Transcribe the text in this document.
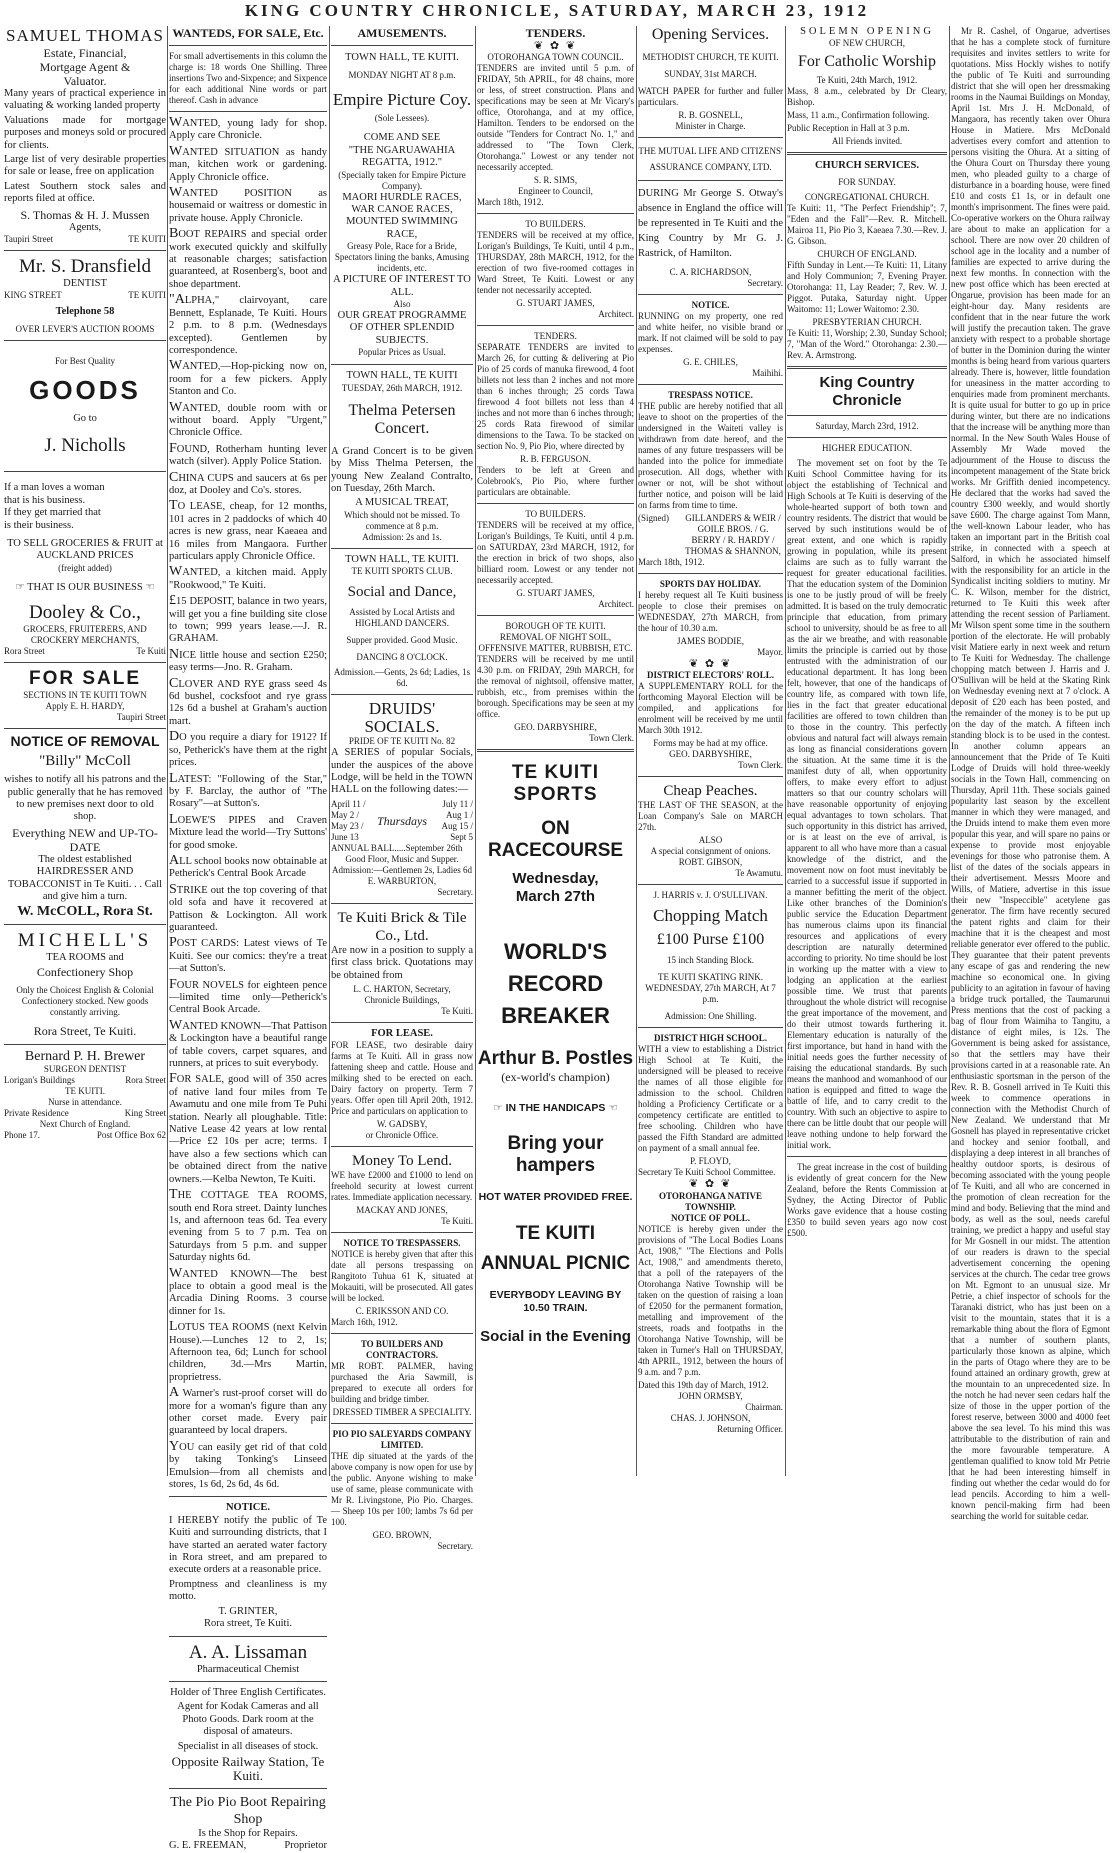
KING COUNTRY CHRONICLE, SATURDAY, MARCH 23, 1912
SAMUEL THOMAS
Estate, Financial,
Mortgage Agent &
Valuator.

Many years of practical experience in valuating & working landed property

Valuations made for mortgage purposes and moneys sold or procured for clients.

Large list of very desirable properties for sale or lease, free on application

Latest Southern stock sales and reports filed at office.

S. Thomas & H. J. Mussen
Agents,
Taupiri Street	TE KUITI
Mr. S. Dransfield
DENTIST
KING STREET	TE KUITI
Telephone 58
OVER LEVER'S AUCTION ROOMS
For Best Quality
GOODS
Go to
J. Nicholls
If a man loves a woman
that is his business.
If they get married that
is their business.
TO SELL GROCERIES & FRUIT at AUCKLAND PRICES
(freight added)
☞ THAT IS OUR BUSINESS ☜
Dooley & Co.,
GROCERS, FRUITERERS, AND CROCKERY MERCHANTS,
Rora Street	Te Kuiti
FOR SALE
SECTIONS IN TE KUITI TOWN
Apply E. H. HARDY,
Taupiri Street
NOTICE OF REMOVAL
"Billy" McColl

wishes to notify all his patrons and the public generally that he has removed to new premises next door to old shop.

Everything NEW and UP-TO-DATE

The oldest established HAIRDRESSER AND TOBACCONIST in Te Kuiti. . . Call and give him a turn.

W. McCOLL, Rora St.
MICHELL'S
TEA ROOMS and
Confectionery Shop

Only the Choicest English & Colonial Confectionery stocked. New goods constantly arriving.

Rora Street, Te Kuiti.
Bernard P. H. Brewer
SURGEON DENTIST
Lorigan's Buildings	Rora Street
TE KUITI.
Nurse in attendance.
Private Residence	King Street
Next Church of England.
Phone 17.	Post Office Box 62
WANTEDS, FOR SALE, Etc.

For small advertisements in this column the charge is: 18 words One Shilling. Three insertions Two and-Sixpence; and Sixpence for each additional Nine words or part thereof. Cash in advance

WANTED, young lady for shop. Apply care Chronicle.

WANTED SITUATION as handy man, kitchen work or gardening. Apply Chronicle office.

WANTED POSITION as housemaid or waitress or domestic in private house. Apply Chronicle.

BOOT REPAIRS and special order work executed quickly and skilfully at reasonable charges; satisfaction guaranteed, at Rosenberg's, boot and shoe department.

"ALPHA," clairvoyant, care Bennett, Esplanade, Te Kuiti. Hours 2 p.m. to 8 p.m. (Wednesdays excepted). Gentlemen by correspondence.

WANTED,—Hop-picking now on, room for a few pickers. Apply Stanton and Co.

WANTED, double room with or without board. Apply "Urgent," Chronicle Office.

FOUND, Rotherham hunting lever watch (silver). Apply Police Station.

CHINA CUPS and saucers at 6s per doz, at Dooley and Co's. stores.

TO LEASE, cheap, for 12 months, 101 acres in 2 paddocks of which 40 acres is new grass, near Kaeaea and 16 miles from Mangaora. Further particulars apply Chronicle Office.

WANTED, a kitchen maid. Apply "Rookwood," Te Kuiti.

£15 DEPOSIT, balance in two years, will get you a fine building site close to town; 999 years lease.—J. R. GRAHAM.

NICE little house and section £250; easy terms—Jno. R. Graham.

CLOVER AND RYE grass seed 4s 6d bushel, cocksfoot and rye grass 12s 6d a bushel at Graham's auction mart.

DO you require a diary for 1912? If so, Petherick's have them at the right prices.

LATEST: "Following of the Star," by F. Barclay, the author of "The Rosary"—at Sutton's.

LOEWE'S PIPES and Craven Mixture lead the world—Try Suttons' for good smoke.

ALL school books now obtainable at Petherick's Central Book Arcade

STRIKE out the top covering of that old sofa and have it recovered at Pattison & Lockington. All work guaranteed.

POST CARDS: Latest views of Te Kuiti. See our comics: they're a treat—at Sutton's.

FOUR NOVELS for eighteen pence —limited time only—Petherick's Central Book Arcade.

WANTED KNOWN—That Pattison & Lockington have a beautiful range of table covers, carpet squares, and runners, at prices to suit everybody.

FOR SALE, good will of 350 acres of native land four miles from Te Awamutu and one mile from Te Puhi station. Nearly all ploughable. Title: Native Lease 42 years at low rental—Price £2 10s per acre; terms. I have also a few sections which can be obtained direct from the native owners.—Kelba Newton, Te Kuiti.

THE COTTAGE TEA ROOMS, south end Rora street. Dainty lunches 1s, and afternoon teas 6d. Tea every evening from 5 to 7 p.m. Tea on Saturdays from 5 p.m. and supper Saturday nights 6d.

WANTED KNOWN—The best place to obtain a good meal is the Arcadia Dining Rooms. 3 course dinner for 1s.

LOTUS TEA ROOMS (next Kelvin House).—Lunches 12 to 2, 1s; Afternoon tea, 6d; Lunch for school children, 3d.—Mrs Martin, proprietress.

A Warner's rust-proof corset will do more for a woman's figure than any other corset made. Every pair guaranteed by local drapers.

YOU can easily get rid of that cold by taking Tonking's Linseed Emulsion—from all chemists and stores, 1s 6d, 2s 6d, 4s 6d.

NOTICE.

I HEREBY notify the public of Te Kuiti and surrounding districts, that I have started an aerated water factory in Rora street, and am prepared to execute orders at a reasonable price.

Promptness and cleanliness is my motto.

T. GRINTER,
Rora street, Te Kuiti.
A. A. Lissaman
Pharmaceutical Chemist

Holder of Three English Certificates.

Agent for Kodak Cameras and all Photo Goods. Dark room at the disposal of amateurs.

Specialist in all diseases of stock.

Opposite Railway Station, Te Kuiti.
The Pio Pio Boot Repairing Shop
Is the Shop for Repairs.
G. E. FREEMAN,	Proprietor
AMUSEMENTS.
TOWN HALL, TE KUITI.
MONDAY NIGHT AT 8 p.m.
Empire Picture Coy.
(Sole Lessees).
COME AND SEE
"THE NGARUAWAHIA REGATTA, 1912."
(Specially taken for Empire Picture Company).
MAORI HURDLE RACES, WAR CANOE RACES, MOUNTED SWIMMING RACE,
Greasy Pole, Race for a Bride, Spectators lining the banks, Amusing incidents, etc.
A PICTURE OF INTEREST TO ALL.
Also
OUR GREAT PROGRAMME OF OTHER SPLENDID SUBJECTS.
Popular Prices as Usual.
TOWN HALL, TE KUITI
TUESDAY, 26th MARCH, 1912.
Thelma Petersen Concert.

A Grand Concert is to be given by Miss Thelma Petersen, the young New Zealand Contralto, on Tuesday, 26th March.

A MUSICAL TREAT,
Which should not be missed. To commence at 8 p.m.
Admission: 2s and 1s.
TOWN HALL, TE KUITI.
TE KUITI SPORTS CLUB.
Social and Dance,
Assisted by Local Artists and HIGHLAND DANCERS.
Supper provided. Good Music.
DANCING 8 O'CLOCK.
Admission.—Gents, 2s 6d; Ladies, 1s 6d.
DRUIDS' SOCIALS.
PRIDE OF TE KUITI No. 82

A SERIES of popular Socials, under the auspices of the above Lodge, will be held in the TOWN HALL on the following dates:—

April 11 / May 2 / May 23 / June 13
Thursdays
July 11 / Aug 1 / Aug 15 / Sept 5
ANNUAL BALL.....September 26th
Good Floor, Music and Supper.
Admission:—Gentlemen 2s, Ladies 6d
E. WARBURTON,
Secretary.
Te Kuiti Brick & Tile Co., Ltd.

Are now in a position to supply a first class brick. Quotations may be obtained from

L. C. HARTON, Secretary,
Chronicle Buildings,
Te Kuiti.
FOR LEASE.

FOR LEASE, two desirable dairy farms at Te Kuiti. All in grass now fattening sheep and cattle. House and milking shed to be erected on each. Dairy factory on property. Term 7 years. Offer open till April 20th, 1912. Price and particulars on application to

W. GADSBY,
or Chronicle Office.
Money To Lend.

WE have £2000 and £1000 to lend on freehold security at lowest current rates. Immediate application necessary.

MACKAY AND JONES,
Te Kuiti.
NOTICE TO TRESPASSERS.

NOTICE is hereby given that after this date all persons trespassing on Rangitoto Tuhua 61 K, situated at Mokauiti, will be prosecuted. All gates will be locked.

C. ERIKSSON AND CO.
March 16th, 1912.
TO BUILDERS AND CONTRACTORS.

MR ROBT. PALMER, having purchased the Aria Sawmill, is prepared to execute all orders for building and bridge timber.

DRESSED TIMBER A SPECIALITY.
PIO PIO SALEYARDS COMPANY LIMITED.

THE dip situated at the yards of the above company is now open for use by the public. Anyone wishing to make use of same, please communicate with Mr R. Livingstone, Pio Pio. Charges. — Sheep 10s per 100; lambs 7s 6d per 100.

GEO. BROWN,
Secretary.
TENDERS.
❦ ✿ ❦
OTOROHANGA TOWN COUNCIL.

TENDERS are invited until 5 p.m. of FRIDAY, 5th APRIL, for 48 chains, more or less, of street construction. Plans and specifications may be seen at Mr Vicary's office, Otorohanga, and at my office, Hamilton. Tenders to be endorsed on the outside "Tenders for Contract No. 1," and addressed to "The Town Clerk, Otorohanga." Lowest or any tender not necessarily accepted.

S. R. SIMS,
Engineer to Council,
March 18th, 1912.
TO BUILDERS.

TENDERS will be received at my office, Lorigan's Buildings, Te Kuiti, until 4 p.m., THURSDAY, 28th MARCH, 1912, for the erection of two five-roomed cottages in Ward Street, Te Kuiti. Lowest or any tender not necessarily accepted.

G. STUART JAMES,
Architect.
TENDERS.

SEPARATE TENDERS are invited to March 26, for cutting & delivering at Pio Pio of 25 cords of manuka firewood, 4 foot billets not less than 2 inches and not more than 6 inches through; 25 cords Tawa firewood 4 foot billets not less than 4 inches and not more than 6 inches through; 25 cords Rata firewood of similar dimensions to the Tawa. To be stacked on section No. 9, Pio Pio, where directed by

R. B. FERGUSON.

Tenders to be left at Green and Colebrook's, Pio Pio, where further particulars are obtainable.

TO BUILDERS.

TENDERS will be received at my office, Lorigan's Buildings, Te Kuiti, until 4 p.m. on SATURDAY, 23rd MARCH, 1912, for the erection in brick of two shops, also billiard room. Lowest or any tender not necessarily accepted.

G. STUART JAMES,
Architect.
BOROUGH OF TE KUITI.
REMOVAL OF NIGHT SOIL, OFFENSIVE MATTER, RUBBISH, ETC.

TENDERS will be received by me until 4.30 p.m. on FRIDAY, 29th MARCH, for the removal of nightsoil, offensive matter, rubbish, etc., from premises within the borough. Specifications may be seen at my office.

GEO. DARBYSHIRE,
Town Clerk.
TE KUITI SPORTS
ON RACECOURSE
Wednesday,
March 27th
WORLD'S RECORD BREAKER
Arthur B. Postles
(ex-world's champion)
☞ IN THE HANDICAPS ☜
Bring your hampers
HOT WATER PROVIDED FREE.
TE KUITI ANNUAL PICNIC
EVERYBODY LEAVING BY 10.50 TRAIN.
Social in the Evening
Opening Services.
METHODIST CHURCH, TE KUITI.
SUNDAY, 31st MARCH.

WATCH PAPER for further and fuller particulars.

R. B. GOSNELL,
Minister in Charge.
THE MUTUAL LIFE AND CITIZENS' ASSURANCE COMPANY, LTD.

DURING Mr George S. Otway's absence in England the office will be represented in Te Kuiti and the King Country by Mr G. J. Rastrick, of Hamilton.

C. A. RICHARDSON,
Secretary.
NOTICE.

RUNNING on my property, one red and white heifer, no visible brand or mark. If not claimed will be sold to pay expenses.

G. E. CHILES,
Maihihi.
TRESPASS NOTICE.

THE public are hereby notified that all leave to shoot on the properties of the undersigned in the Waiteti valley is withdrawn from date hereof, and the names of any future trespassers will be handed into the police for immediate prosecution. All dogs, whether with owner or not, will be shot without further notice, and poison will be laid on farms from time to time.

(Signed) GILLANDERS & WEIR / GOILE BROS. / G. BERRY / R. HARDY / THOMAS & SHANNON,
March 18th, 1912.
SPORTS DAY HOLIDAY.

I hereby request all Te Kuiti business people to close their premises on WEDNESDAY, 27th MARCH, from the hour of 10.30 a.m.

JAMES BODDIE,
Mayor.
❦ ✿ ❦
DISTRICT ELECTORS' ROLL.

A SUPPLEMENTARY ROLL for the forthcoming Mayoral Election will be compiled, and applications for enrolment will be received by me until March 30th 1912.

Forms may be had at my office.
GEO. DARBYSHIRE,
Town Clerk.
Cheap Peaches.

THE LAST OF THE SEASON, at the Loan Company's Sale on MARCH 27th.

ALSO
A special consignment of onions.
ROBT. GIBSON,
Te Awamutu.
J. HARRIS v. J. O'SULLIVAN.
Chopping Match
£100 Purse £100
15 inch Standing Block.
TE KUITI SKATING RINK.
WEDNESDAY, 27th MARCH, At 7 p.m.
Admission: One Shilling.
DISTRICT HIGH SCHOOL.

WITH a view to establishing a District High School at Te Kuiti, the undersigned will be pleased to receive the names of all those eligible for admission to the school. Children holding a Proficiency Certificate or a competency certificate are entitled to free schooling. Children who have passed the Fifth Standard are admitted on payment of a small annual fee.

P. FLOYD,
Secretary Te Kuiti School Committee.
❦ ✿ ❦
OTOROHANGA NATIVE TOWNSHIP.
NOTICE OF POLL.

NOTICE is hereby given under the provisions of "The Local Bodies Loans Act, 1908," "The Elections and Polls Act, 1908," and amendments thereto, that a poll of the ratepayers of the Otorohanga Native Township will be taken on the question of raising a loan of £2050 for the permanent formation, metalling and improvement of the streets, roads and footpaths in the Otorohanga Native Township, will be taken in Turner's Hall on THURSDAY, 4th APRIL, 1912, between the hours of 9 a.m. and 7 p.m.

Dated this 19th day of March, 1912.
JOHN ORMSBY,
Chairman.
CHAS. J. JOHNSON,
Returning Officer.
SOLEMN OPENING
OF NEW CHURCH,
For Catholic Worship
Te Kuiti, 24th March, 1912.

Mass, 8 a.m., celebrated by Dr Cleary, Bishop.

Mass, 11 a.m., Confirmation following.

Public Reception in Hall at 3 p.m.

All Friends invited.
CHURCH SERVICES.
FOR SUNDAY.
CONGREGATIONAL CHURCH.

Te Kuiti: 11, "The Perfect Friendship"; 7, "Eden and the Fall"—Rev. R. Mitchell. Mairoa 11, Pio Pio 3, Kaeaea 7.30.—Rev. J. G. Gibson.

CHURCH OF ENGLAND.

Fifth Sunday in Lent.—Te Kuiti: 11, Litany and Holy Communion; 7, Evening Prayer. Otorohanga: 11, Lay Reader; 7, Rev. W. J. Piggot. Putaka, Saturday night. Upper Waitomo: 11; Lower Waitomo: 2.30.

PRESBYTERIAN CHURCH.

Te Kuiti: 11, Worship; 2.30, Sunday School; 7, "Man of the Word." Otorohanga: 2.30.—Rev. A. Armstrong.

King Country Chronicle
Saturday, March 23rd, 1912.
HIGHER EDUCATION.

The movement set on foot by the Te Kuiti School Committee having for its object the establishing of Technical and High Schools at Te Kuiti is deserving of the whole-hearted support of both town and country residents. The district that would be served by such institutions would be of great extent, and one which is rapidly growing in population, while its present claims are such as to fully warrant the request for greater educational facilities. That the education system of the Dominion is one to be justly proud of will be freely admitted. It is based on the truly democratic principle that education, from primary school to university, should be as free to all as the air we breathe, and with reasonable limits the principle is carried out by those entrusted with the administration of our educational department. It has long been felt, however, that one of the handicaps of country life, as compared with town life, lies in the fact that greater educational facilities are offered to town children than to those in the country. This perfectly obvious and natural fact will always remain as long as financial considerations govern the situation. At the same time it is the manifest duty of all, when opportunity offers, to make every effort to adjust matters so that our country scholars will have reasonable opportunity of enjoying equal advantages to town scholars. That such opportunity in this district has arrived, or is at least on the eve of arrival, is apparent to all who have more than a casual knowledge of the district, and the movement now on foot must inevitably be carried to a successful issue if supported in a manner befitting the merit of the object. Like other branches of the Dominion's public service the Education Department has numerous claims upon its financial resources and applications of every description are naturally determined according to priority. No time should be lost in working up the matter with a view to lodging an application at the earliest possible time. We trust that parents throughout the whole district will recognise the great importance of the movement, and do their utmost towards furthering it. Elementary education is naturally of the first importance, but hand in hand with the initial needs goes the further necessity of raising the educational standards. By such means the manhood and womanhood of our nation is equipped and fitted to wage the battle of life, and to carry credit to the country. With such an objective to aspire to there can be little doubt that our people will leave nothing undone to help forward the initial work.

The great increase in the cost of building is evidently of great concern for the New Zealand, before the Rents Commission at Sydney, the Acting Director of Public Works gave evidence that a house costing £350 to build seven years ago now cost £500.

Mr R. Cashel, of Ongarue, advertises that he has a complete stock of furniture requisites and invites settlers to write for quotations. Miss Hockly wishes to notify the public of Te Kuiti and surrounding district that she will open her dressmaking rooms in the Naumai Buildings on Monday, April 1st. Mrs J. H. McDonald, of Mangaora, has recently taken over Ohura House in Matiere. Mrs McDonald advertises every comfort and attention to persons visiting the Ohura. At a sitting of the Ohura Court on Thursday there young men, who pleaded guilty to a charge of disturbance in a boarding house, were fined £10 and costs £1 1s, or in default one month's imprisonment. The fines were paid. Co-operative workers on the Ohura railway are about to make an application for a school. There are now over 20 children of school age in the locality and a number of families are expected to arrive during the next few months. In connection with the new post office which has been erected at Ongarue, provision has been made for an eight-hour day. Many residents are confident that in the near future the work will justify the precaution taken. The grave anxiety with respect to a probable shortage of butter in the Dominion during the winter months is being heard from various quarters already. There is, however, little foundation for uneasiness in the matter according to enquiries made from prominent merchants. It is quite usual for butter to go up in price during winter, but there are no indications that the increase will be anything more than normal. In the New South Wales House of Assembly Mr Wade moved the adjournment of the House to discuss the incompetent management of the State brick works. Mr Griffith denied incompetency. He declared that the works had saved the country £300 weekly, and would shortly save £600. The charge against Tom Mann, the well-known Labour leader, who has taken an important part in the British coal strike, in connected with a speech at Salford, in which he associated himself with the responsibility for an article in the Syndicalist inciting soldiers to mutiny. Mr C. K. Wilson, member for the district, returned to Te Kuiti this week after attending the recent session of Parliament. Mr Wilson spent some time in the southern portion of the electorate. He will probably visit Matiere early in next week and return to Te Kuiti for Wednesday. The challenge chopping match between J. Harris and J. O'Sullivan will be held at the Skating Rink on Wednesday evening next at 7 o'clock. A deposit of £20 each has been posted, and the remainder of the money is to be put up on the day of the match. A fifteen inch standing block is to be used in the contest. In another column appears an announcement that the Pride of Te Kuiti Lodge of Druids will hold three-weekly socials in the Town Hall, commencing on Thursday, April 11th. These socials gained popularity last season by the excellent manner in which they were managed, and the Druids intend to make them even more popular this year, and will spare no pains or expense to provide most enjoyable evenings for those who patronise them. A list of the dates of the socials appears in their advertisement. Messrs Moore and Wills, of Matiere, advertise in this issue their new "Inspeccible" acetylene gas generator. The firm have recently secured the patent rights and claim for their machine that it is the cheapest and most reliable generator ever offered to the public. They guarantee that their patent prevents any escape of gas and rendering the new machine so economical one. In giving publicity to an agitation in favour of having a bridge truck portalled, the Taumarunui Press mentions that the cost of packing a bag of flour from Waimiha to Tangitu, a distance of eight miles, is 12s. The Government is being asked for assistance, so that the settlers may have their provisions carted in at a reasonable rate. An enthusiastic sportsman in the person of the Rev. R. B. Gosnell arrived in Te Kuiti this week to commence operations in connection with the Methodist Church of New Zealand. We understand that Mr Gosnell has played in representative cricket and hockey and senior football, and displaying a deep interest in all branches of healthy outdoor sports, is desirous of becoming associated with the young people of Te Kuiti, and all who are concerned in the promotion of clean recreation for the mind and body. Believing that the mind and body, as well as the soul, needs careful training, we predict a happy and useful stay for Mr Gosnell in our midst. The attention of our readers is drawn to the special advertisement concerning the opening services at the church. The cedar tree grows on Mt. Egmont to an unusual size. Mr Petrie, a chief inspector of schools for the Taranaki district, who has just been on a visit to the mountain, states that it is a remarkable thing about the flora of Egmont that a number of southern plants, particularly those known as alpine, which in the parts of Otago where they are to be found attained an ordinary growth, grew at the mountain to an unprecedented size. In the notch he had never seen cedars half the size of those in the upper portion of the forest reserve, between 3000 and 4000 feet above the sea level. To his mind this was attributable to the distribution of rain and the more favourable temperature. A gentleman qualified to know told Mr Petrie that he had been interesting himself in finding out whether the cedar would do for lead pencils. According to him a well-known pencil-making firm had been searching the world for suitable cedar.
